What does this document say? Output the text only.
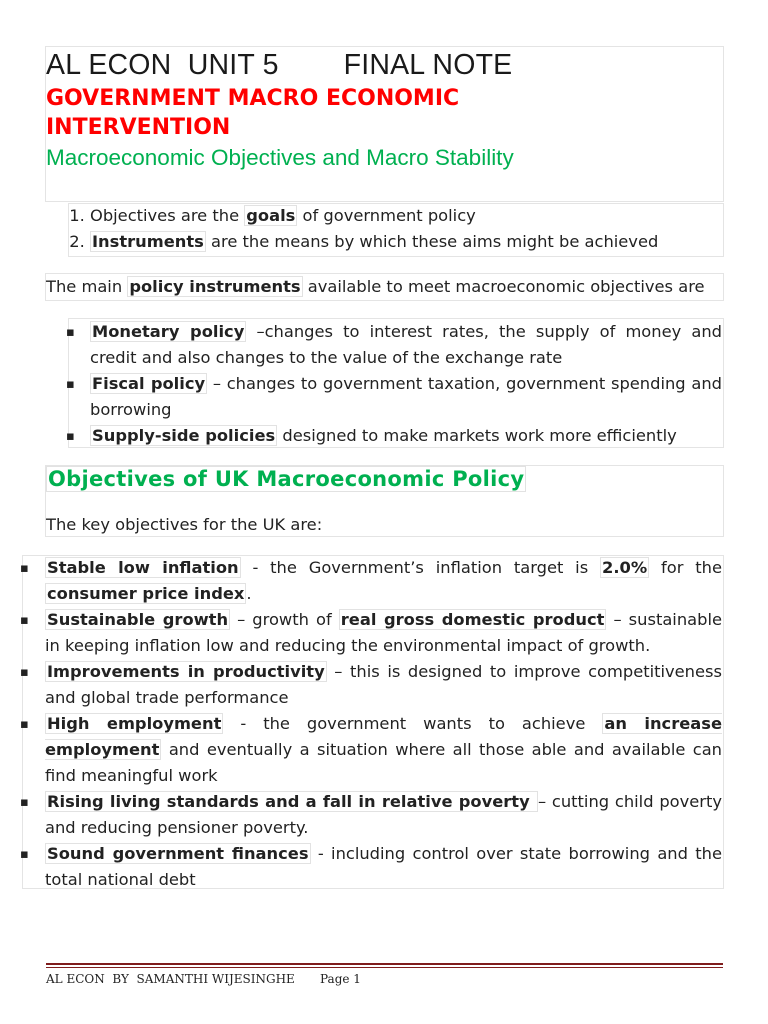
AL ECON  UNIT 5        FINAL NOTE
GOVERNMENT MACRO ECONOMIC INTERVENTION
Macroeconomic Objectives and Macro Stability
1. Objectives are the goals of government policy
2. Instruments are the means by which these aims might be achieved
The main policy instruments available to meet macroeconomic objectives are
▪ Monetary policy –changes to interest rates, the supply of money and credit and also changes to the value of the exchange rate
▪ Fiscal policy – changes to government taxation, government spending and borrowing
▪ Supply-side policies designed to make markets work more efficiently
Objectives of UK Macroeconomic Policy
The key objectives for the UK are:
▪ Stable low inflation - the Government’s inflation target is 2.0% for the consumer price index .
▪ Sustainable growth – growth of real gross domestic product – sustainable in keeping inflation low and reducing the environmental impact of growth.
▪ Improvements in productivity – this is designed to improve competitiveness and global trade performance
▪ High employment - the government wants to achieve an increase employment and eventually a situation where all those able and available can find meaningful work
▪ Rising living standards and a fall in relative poverty – cutting child poverty and reducing pensioner poverty.
▪ Sound government finances - including control over state borrowing and the total national debt
AL ECON  BY  SAMANTHI WIJESINGHE Page 1
